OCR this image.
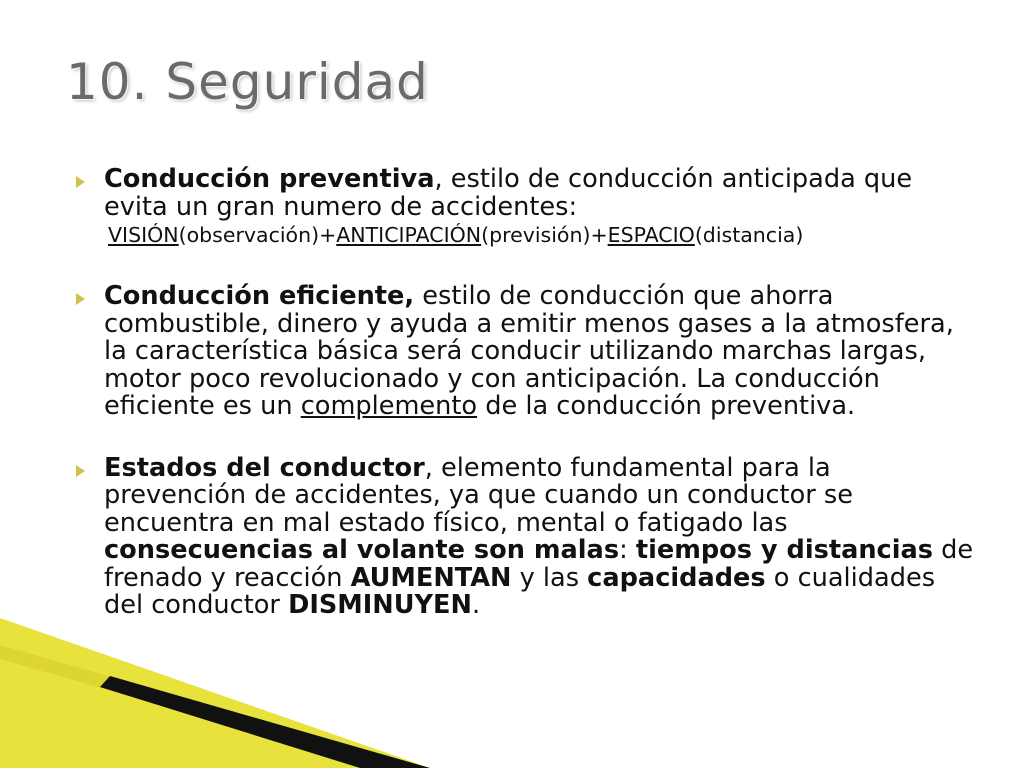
10. Seguridad

Conducción preventiva, estilo de conducción anticipada que evita un gran numero de accidentes:

VISIÓN(observación)+ANTICIPACIÓN(previsión)+ESPACIO(distancia)

Conducción eficiente, estilo de conducción que ahorra combustible, dinero y ayuda a emitir menos gases a la atmosfera, la característica básica será conducir utilizando marchas largas, motor poco revolucionado y con anticipación. La conducción eficiente es un complemento de la conducción preventiva.

Estados del conductor, elemento fundamental para la prevención de accidentes, ya que cuando un conductor se encuentra en mal estado físico, mental o fatigado las consecuencias al volante son malas: tiempos y distancias de frenado y reacción AUMENTAN y las capacidades o cualidades del conductor DISMINUYEN.
